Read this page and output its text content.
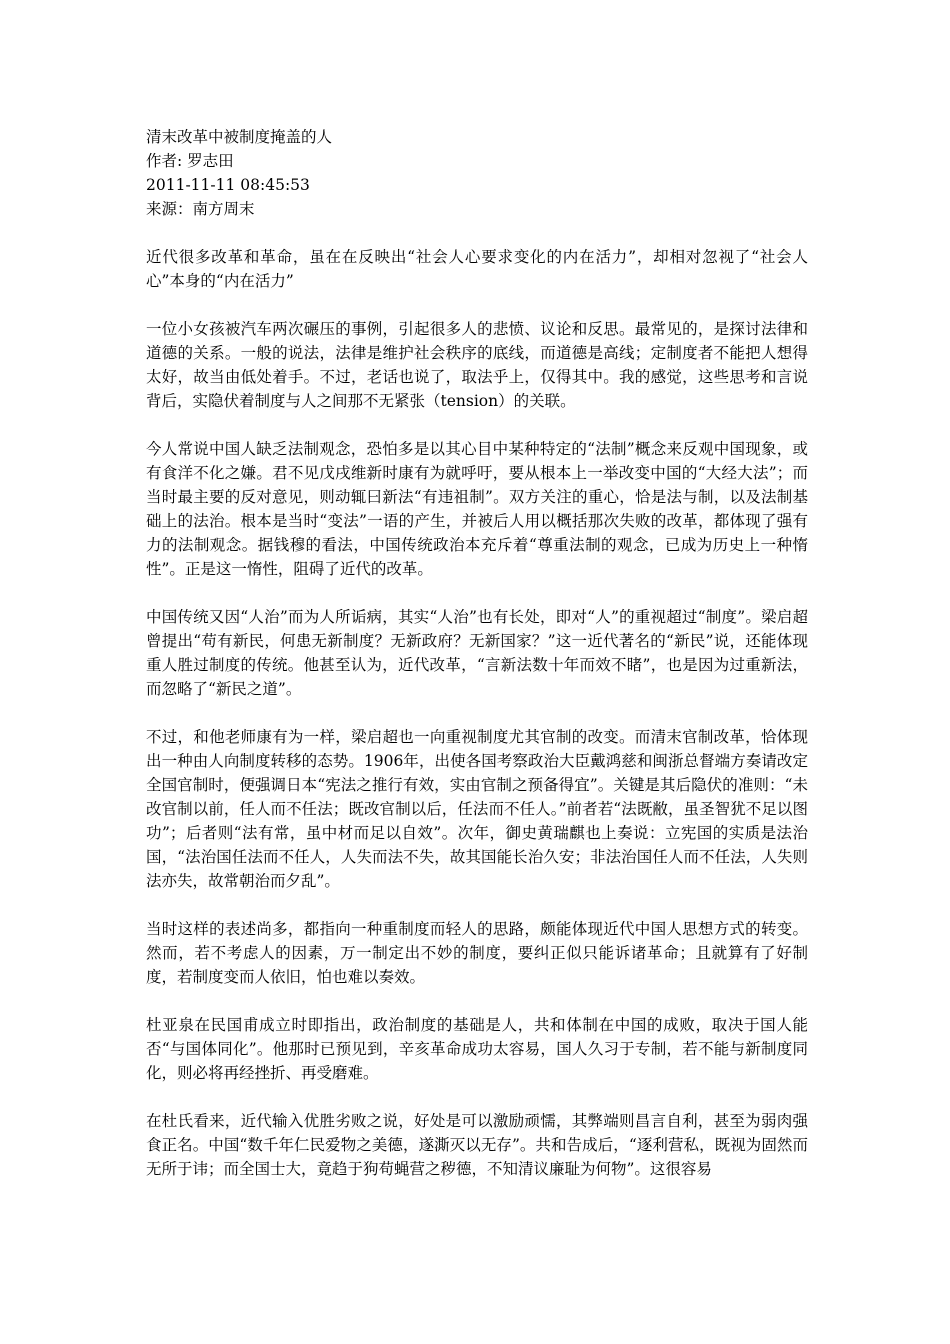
清末改革中被制度掩盖的人

作者: 罗志田

2011-11-11 08:45:53

来源：南方周末

近代很多改革和革命，虽在在反映出“社会人心要求变化的内在活力”，却相对忽视了“社会人心”本身的“内在活力”

一位小女孩被汽车两次碾压的事例，引起很多人的悲愤、议论和反思。最常见的，是探讨法律和道德的关系。一般的说法，法律是维护社会秩序的底线，而道德是高线；定制度者不能把人想得太好，故当由低处着手。不过，老话也说了，取法乎上，仅得其中。我的感觉，这些思考和言说背后，实隐伏着制度与人之间那不无紧张（tension）的关联。

今人常说中国人缺乏法制观念，恐怕多是以其心目中某种特定的“法制”概念来反观中国现象，或有食洋不化之嫌。君不见戊戌维新时康有为就呼吁，要从根本上一举改变中国的“大经大法”；而当时最主要的反对意见，则动辄曰新法“有违祖制”。双方关注的重心，恰是法与制，以及法制基础上的法治。根本是当时“变法”一语的产生，并被后人用以概括那次失败的改革，都体现了强有力的法制观念。据钱穆的看法，中国传统政治本充斥着“尊重法制的观念，已成为历史上一种惰性”。正是这一惰性，阻碍了近代的改革。

中国传统又因“人治”而为人所诟病，其实“人治”也有长处，即对“人”的重视超过“制度”。梁启超曾提出“苟有新民，何患无新制度？无新政府？无新国家？”这一近代著名的“新民”说，还能体现重人胜过制度的传统。他甚至认为，近代改革，“言新法数十年而效不睹”，也是因为过重新法，而忽略了“新民之道”。

不过，和他老师康有为一样，梁启超也一向重视制度尤其官制的改变。而清末官制改革，恰体现出一种由人向制度转移的态势。1906年，出使各国考察政治大臣戴鸿慈和闽浙总督端方奏请改定全国官制时，便强调日本“宪法之推行有效，实由官制之预备得宜”。关键是其后隐伏的准则：“未改官制以前，任人而不任法；既改官制以后，任法而不任人。”前者若“法既敝，虽圣智犹不足以图功”；后者则“法有常，虽中材而足以自效”。次年，御史黄瑞麒也上奏说：立宪国的实质是法治国，“法治国任法而不任人，人失而法不失，故其国能长治久安；非法治国任人而不任法，人失则法亦失，故常朝治而夕乱”。

当时这样的表述尚多，都指向一种重制度而轻人的思路，颇能体现近代中国人思想方式的转变。然而，若不考虑人的因素，万一制定出不妙的制度，要纠正似只能诉诸革命；且就算有了好制度，若制度变而人依旧，怕也难以奏效。

杜亚泉在民国甫成立时即指出，政治制度的基础是人，共和体制在中国的成败，取决于国人能否“与国体同化”。他那时已预见到，辛亥革命成功太容易，国人久习于专制，若不能与新制度同化，则必将再经挫折、再受磨难。

在杜氏看来，近代输入优胜劣败之说，好处是可以激励顽懦，其弊端则昌言自利，甚至为弱肉强食正名。中国“数千年仁民爱物之美德，遂澌灭以无存”。共和告成后，“逐利营私，既视为固然而无所于讳；而全国士大，竟趋于狗苟蝇营之秽德，不知清议廉耻为何物”。这很容易
